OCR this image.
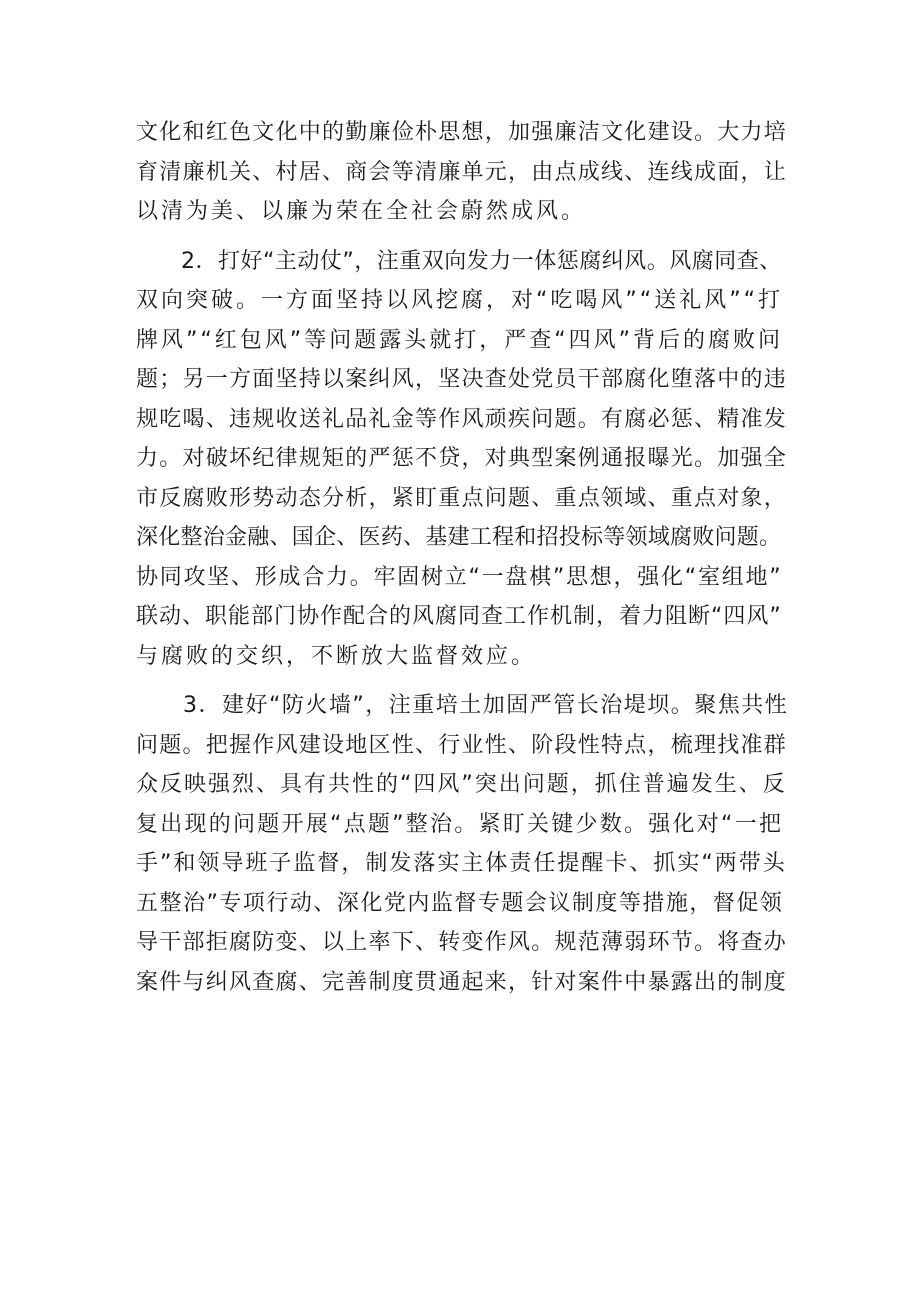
文化和红色文化中的勤廉俭朴思想，加强廉洁文化建设。大力培
育清廉机关、村居、商会等清廉单元，由点成线、连线成面，让
以清为美、以廉为荣在全社会蔚然成风。
　　2．打好“主动仗”，注重双向发力一体惩腐纠风。风腐同查、
双向突破。一方面坚持以风挖腐，对“吃喝风”“送礼风”“打
牌风”“红包风”等问题露头就打，严查“四风”背后的腐败问
题；另一方面坚持以案纠风，坚决查处党员干部腐化堕落中的违
规吃喝、违规收送礼品礼金等作风顽疾问题。有腐必惩、精准发
力。对破坏纪律规矩的严惩不贷，对典型案例通报曝光。加强全
市反腐败形势动态分析，紧盯重点问题、重点领域、重点对象，
深化整治金融、国企、医药、基建工程和招投标等领域腐败问题。
协同攻坚、形成合力。牢固树立“一盘棋”思想，强化“室组地”
联动、职能部门协作配合的风腐同查工作机制，着力阻断“四风”
与腐败的交织，不断放大监督效应。
　　3．建好“防火墙”，注重培土加固严管长治堤坝。聚焦共性
问题。把握作风建设地区性、行业性、阶段性特点，梳理找准群
众反映强烈、具有共性的“四风”突出问题，抓住普遍发生、反
复出现的问题开展“点题”整治。紧盯关键少数。强化对“一把
手”和领导班子监督，制发落实主体责任提醒卡、抓实“两带头
五整治”专项行动、深化党内监督专题会议制度等措施，督促领
导干部拒腐防变、以上率下、转变作风。规范薄弱环节。将查办
案件与纠风查腐、完善制度贯通起来，针对案件中暴露出的制度
